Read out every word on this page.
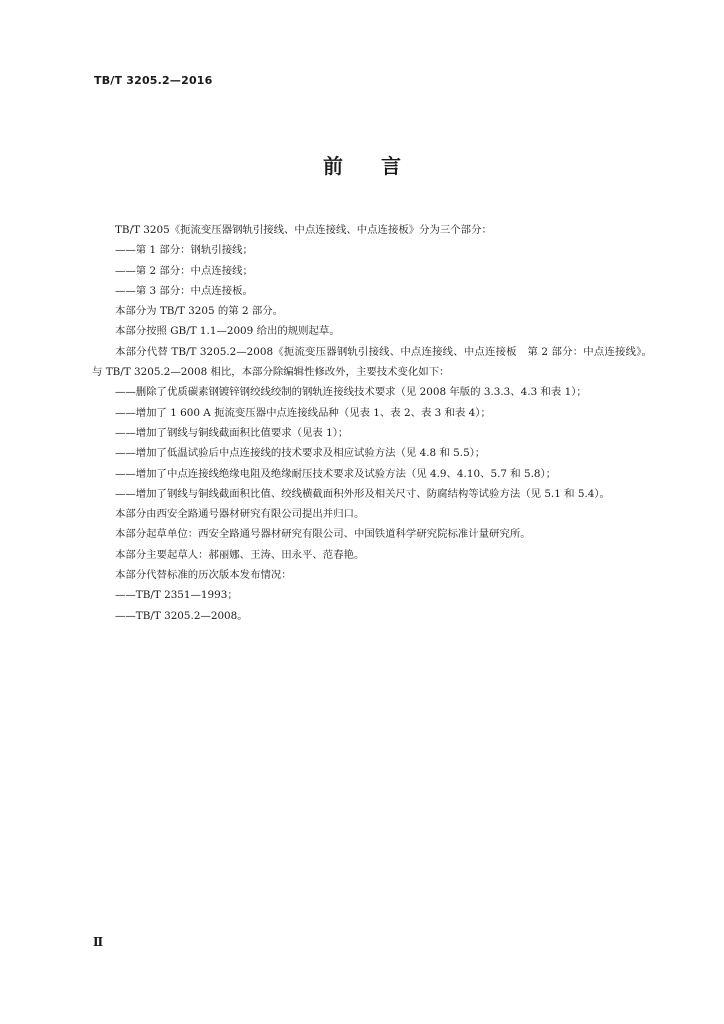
TB/T 3205.2—2016
前言

TB/T 3205《扼流变压器钢轨引接线、中点连接线、中点连接板》分为三个部分：

——第 1 部分：钢轨引接线；

——第 2 部分：中点连接线；

——第 3 部分：中点连接板。

本部分为 TB/T 3205 的第 2 部分。

本部分按照 GB/T 1.1—2009 给出的规则起草。

本部分代替 TB/T 3205.2—2008《扼流变压器钢轨引接线、中点连接线、中点连接板　第 2 部分：中点连接线》。与 TB/T 3205.2—2008 相比，本部分除编辑性修改外，主要技术变化如下：

——删除了优质碳素钢镀锌钢绞线绞制的钢轨连接线技术要求（见 2008 年版的 3.3.3、4.3 和表 1）；

——增加了 1 600 A 扼流变压器中点连接线品种（见表 1、表 2、表 3 和表 4）；

——增加了钢线与铜线截面积比值要求（见表 1）；

——增加了低温试验后中点连接线的技术要求及相应试验方法（见 4.8 和 5.5）；

——增加了中点连接线绝缘电阻及绝缘耐压技术要求及试验方法（见 4.9、4.10、5.7 和 5.8）；

——增加了钢线与铜线截面积比值、绞线横截面积外形及相关尺寸、防腐结构等试验方法（见 5.1 和 5.4）。

本部分由西安全路通号器材研究有限公司提出并归口。

本部分起草单位：西安全路通号器材研究有限公司、中国铁道科学研究院标准计量研究所。

本部分主要起草人：郝丽娜、王涛、田永平、范春艳。

本部分代替标准的历次版本发布情况：

——TB/T 2351—1993；

——TB/T 3205.2—2008。

Ⅱ
